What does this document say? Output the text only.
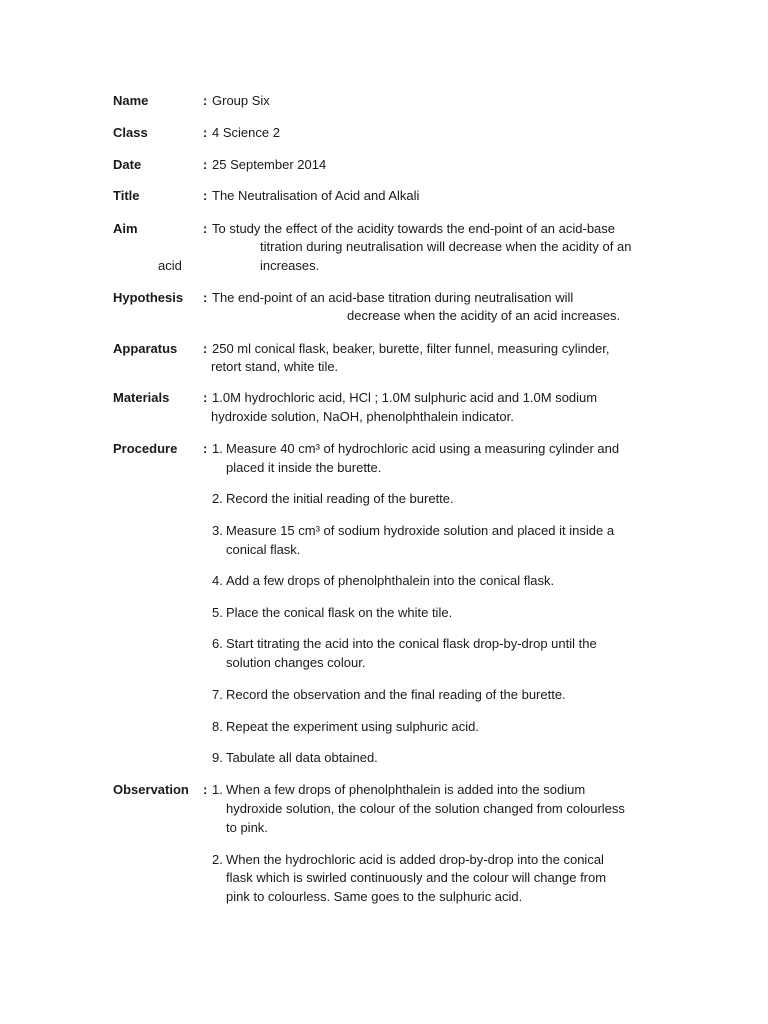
Name	: Group Six
Class	: 4 Science 2
Date	: 25 September 2014
Title	: The Neutralisation of Acid and Alkali
Aim	: To study the effect of the acidity towards the end-point of an acid-base
titration during neutralisation will decrease when the acidity of an
acid	increases.
Hypothesis : The end-point of an acid-base titration during neutralisation will
decrease when the acidity of an acid increases.
Apparatus : 250 ml conical flask, beaker, burette, filter funnel, measuring cylinder,
retort stand, white tile.
Materials	: 1.0M hydrochloric acid, HCl ; 1.0M sulphuric acid and 1.0M sodium
hydroxide solution, NaOH, phenolphthalein indicator.
Procedure : 1. Measure 40 cm³ of hydrochloric acid using a measuring cylinder and
placed it inside the burette.
2. Record the initial reading of the burette.
3. Measure 15 cm³ of sodium hydroxide solution and placed it inside a
conical flask.
4. Add a few drops of phenolphthalein into the conical flask.
5. Place the conical flask on the white tile.
6. Start titrating the acid into the conical flask drop-by-drop until the
solution changes colour.
7. Record the observation and the final reading of the burette.
8. Repeat the experiment using sulphuric acid.
9. Tabulate all data obtained.
Observation : 1. When a few drops of phenolphthalein is added into the sodium
hydroxide solution, the colour of the solution changed from colourless
to pink.
2. When the hydrochloric acid is added drop-by-drop into the conical
flask which is swirled continuously and the colour will change from
pink to colourless. Same goes to the sulphuric acid.
